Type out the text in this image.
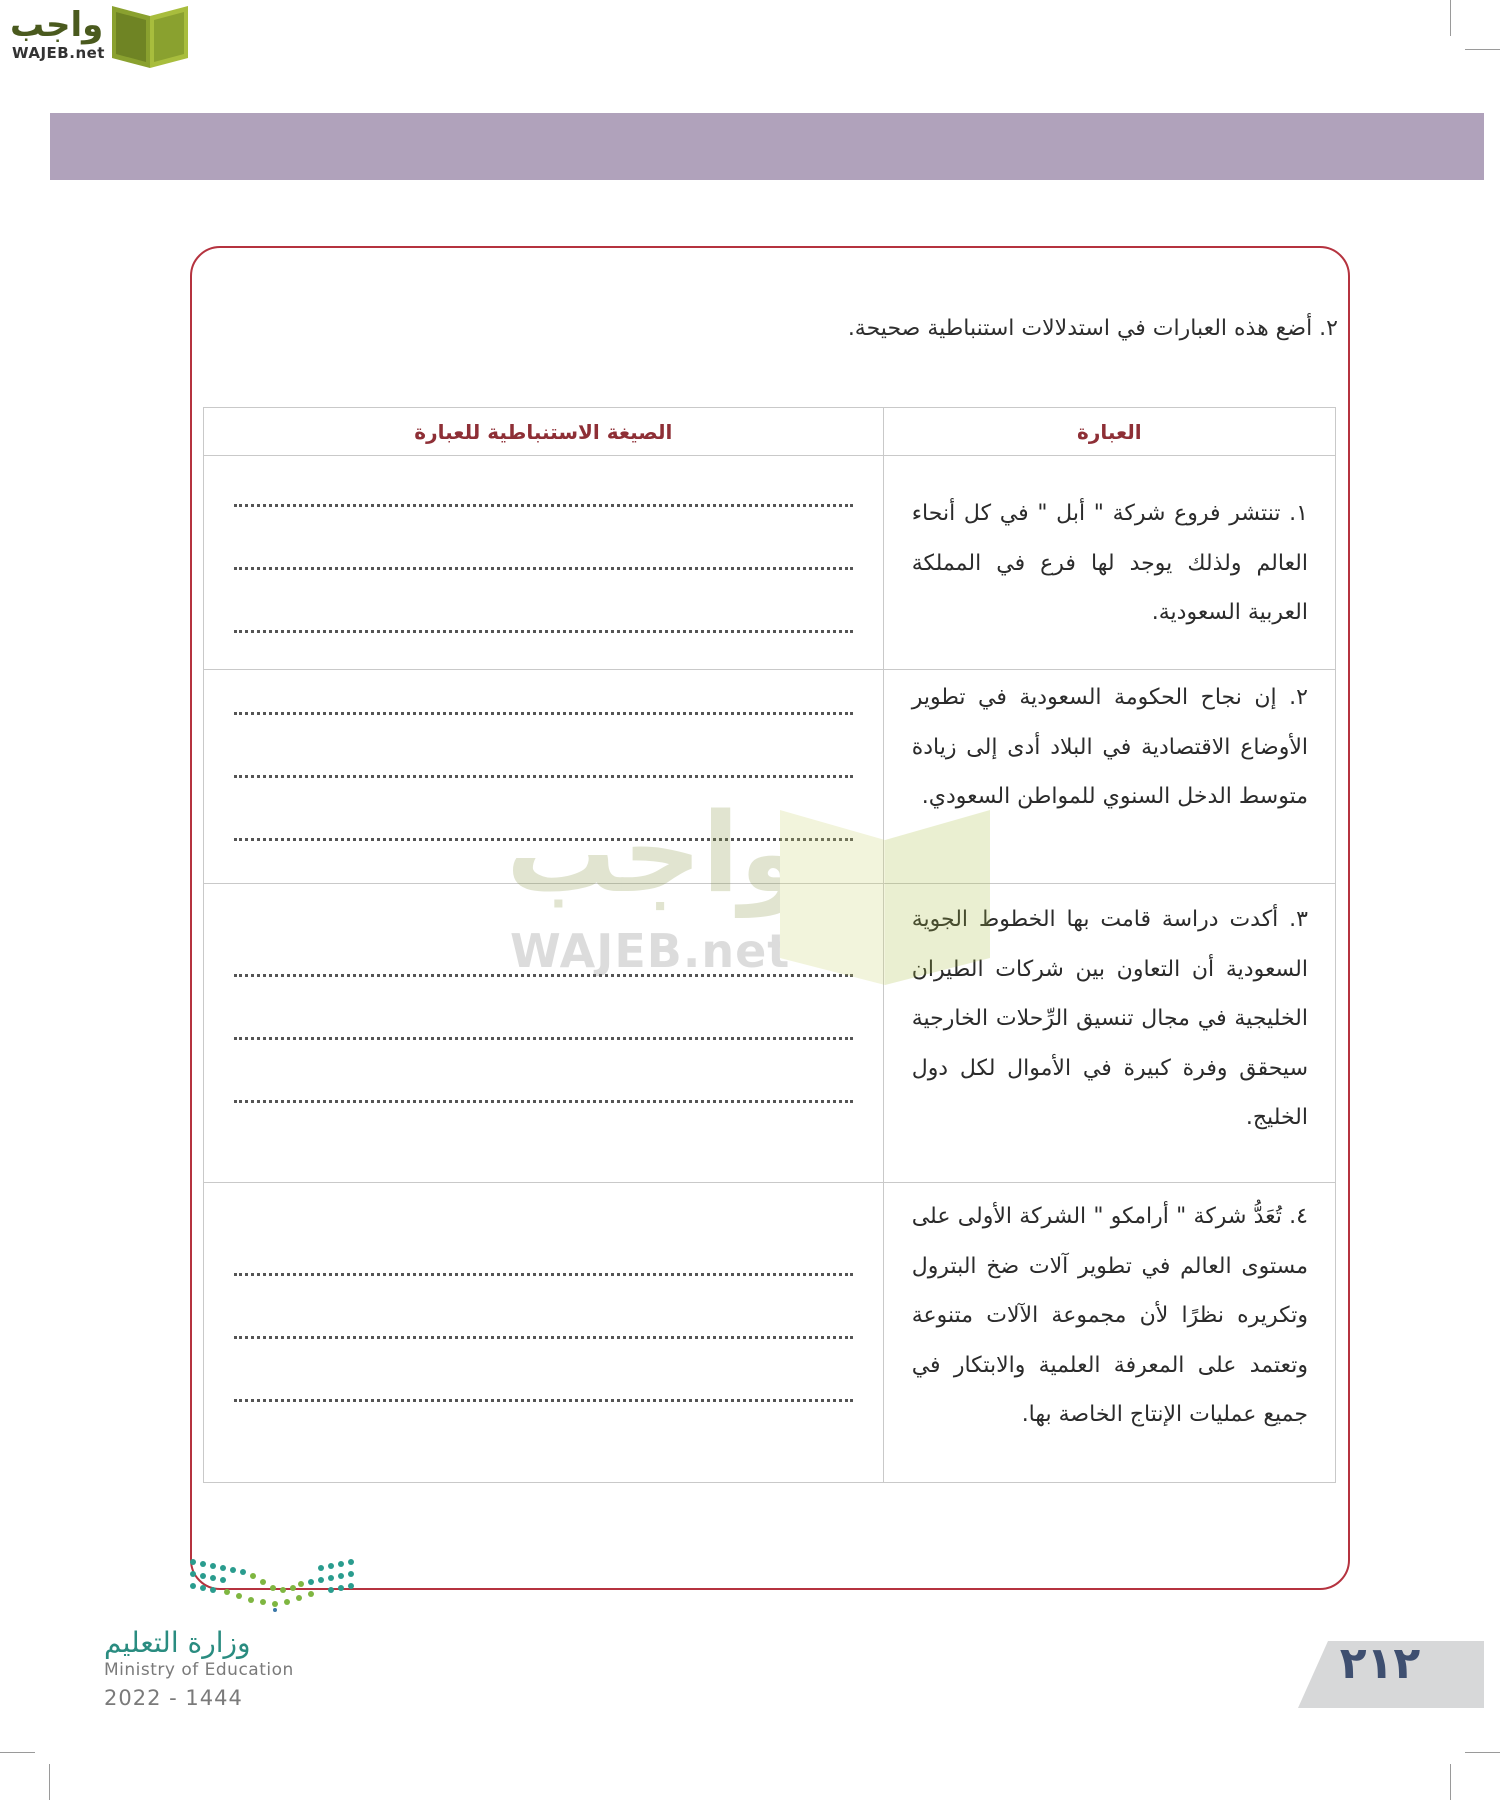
واجب
WAJEB.net
٢. أضع هذه العبارات في استدلالات استنباطية صحيحة.
الصيغة الاستنباطية للعبارة	العبارة

	١. تنتشر فروع شركة " أبل " في كل أنحاء العالم ولذلك يوجد لها فرع في المملكة العربية السعودية.

	٢. إن نجاح الحكومة السعودية في تطوير الأوضاع الاقتصادية في البلاد أدى إلى زيادة متوسط الدخل السنوي للمواطن السعودي.

	٣. أكدت دراسة قامت بها الخطوط الجوية السعودية أن التعاون بين شركات الطيران الخليجية في مجال تنسيق الرِّحلات الخارجية سيحقق وفرة كبيرة في الأموال لكل دول الخليج.

	٤. تُعَدُّ شركة " أرامكو " الشركة الأولى على مستوى العالم في تطوير آلات ضخ البترول وتكريره نظرًا لأن مجموعة الآلات متنوعة وتعتمد على المعرفة العلمية والابتكار في جميع عمليات الإنتاج الخاصة بها.
واجب
WAJEB.net
وزارة التعليم
Ministry of Education
2022 - 1444
٢١٢
